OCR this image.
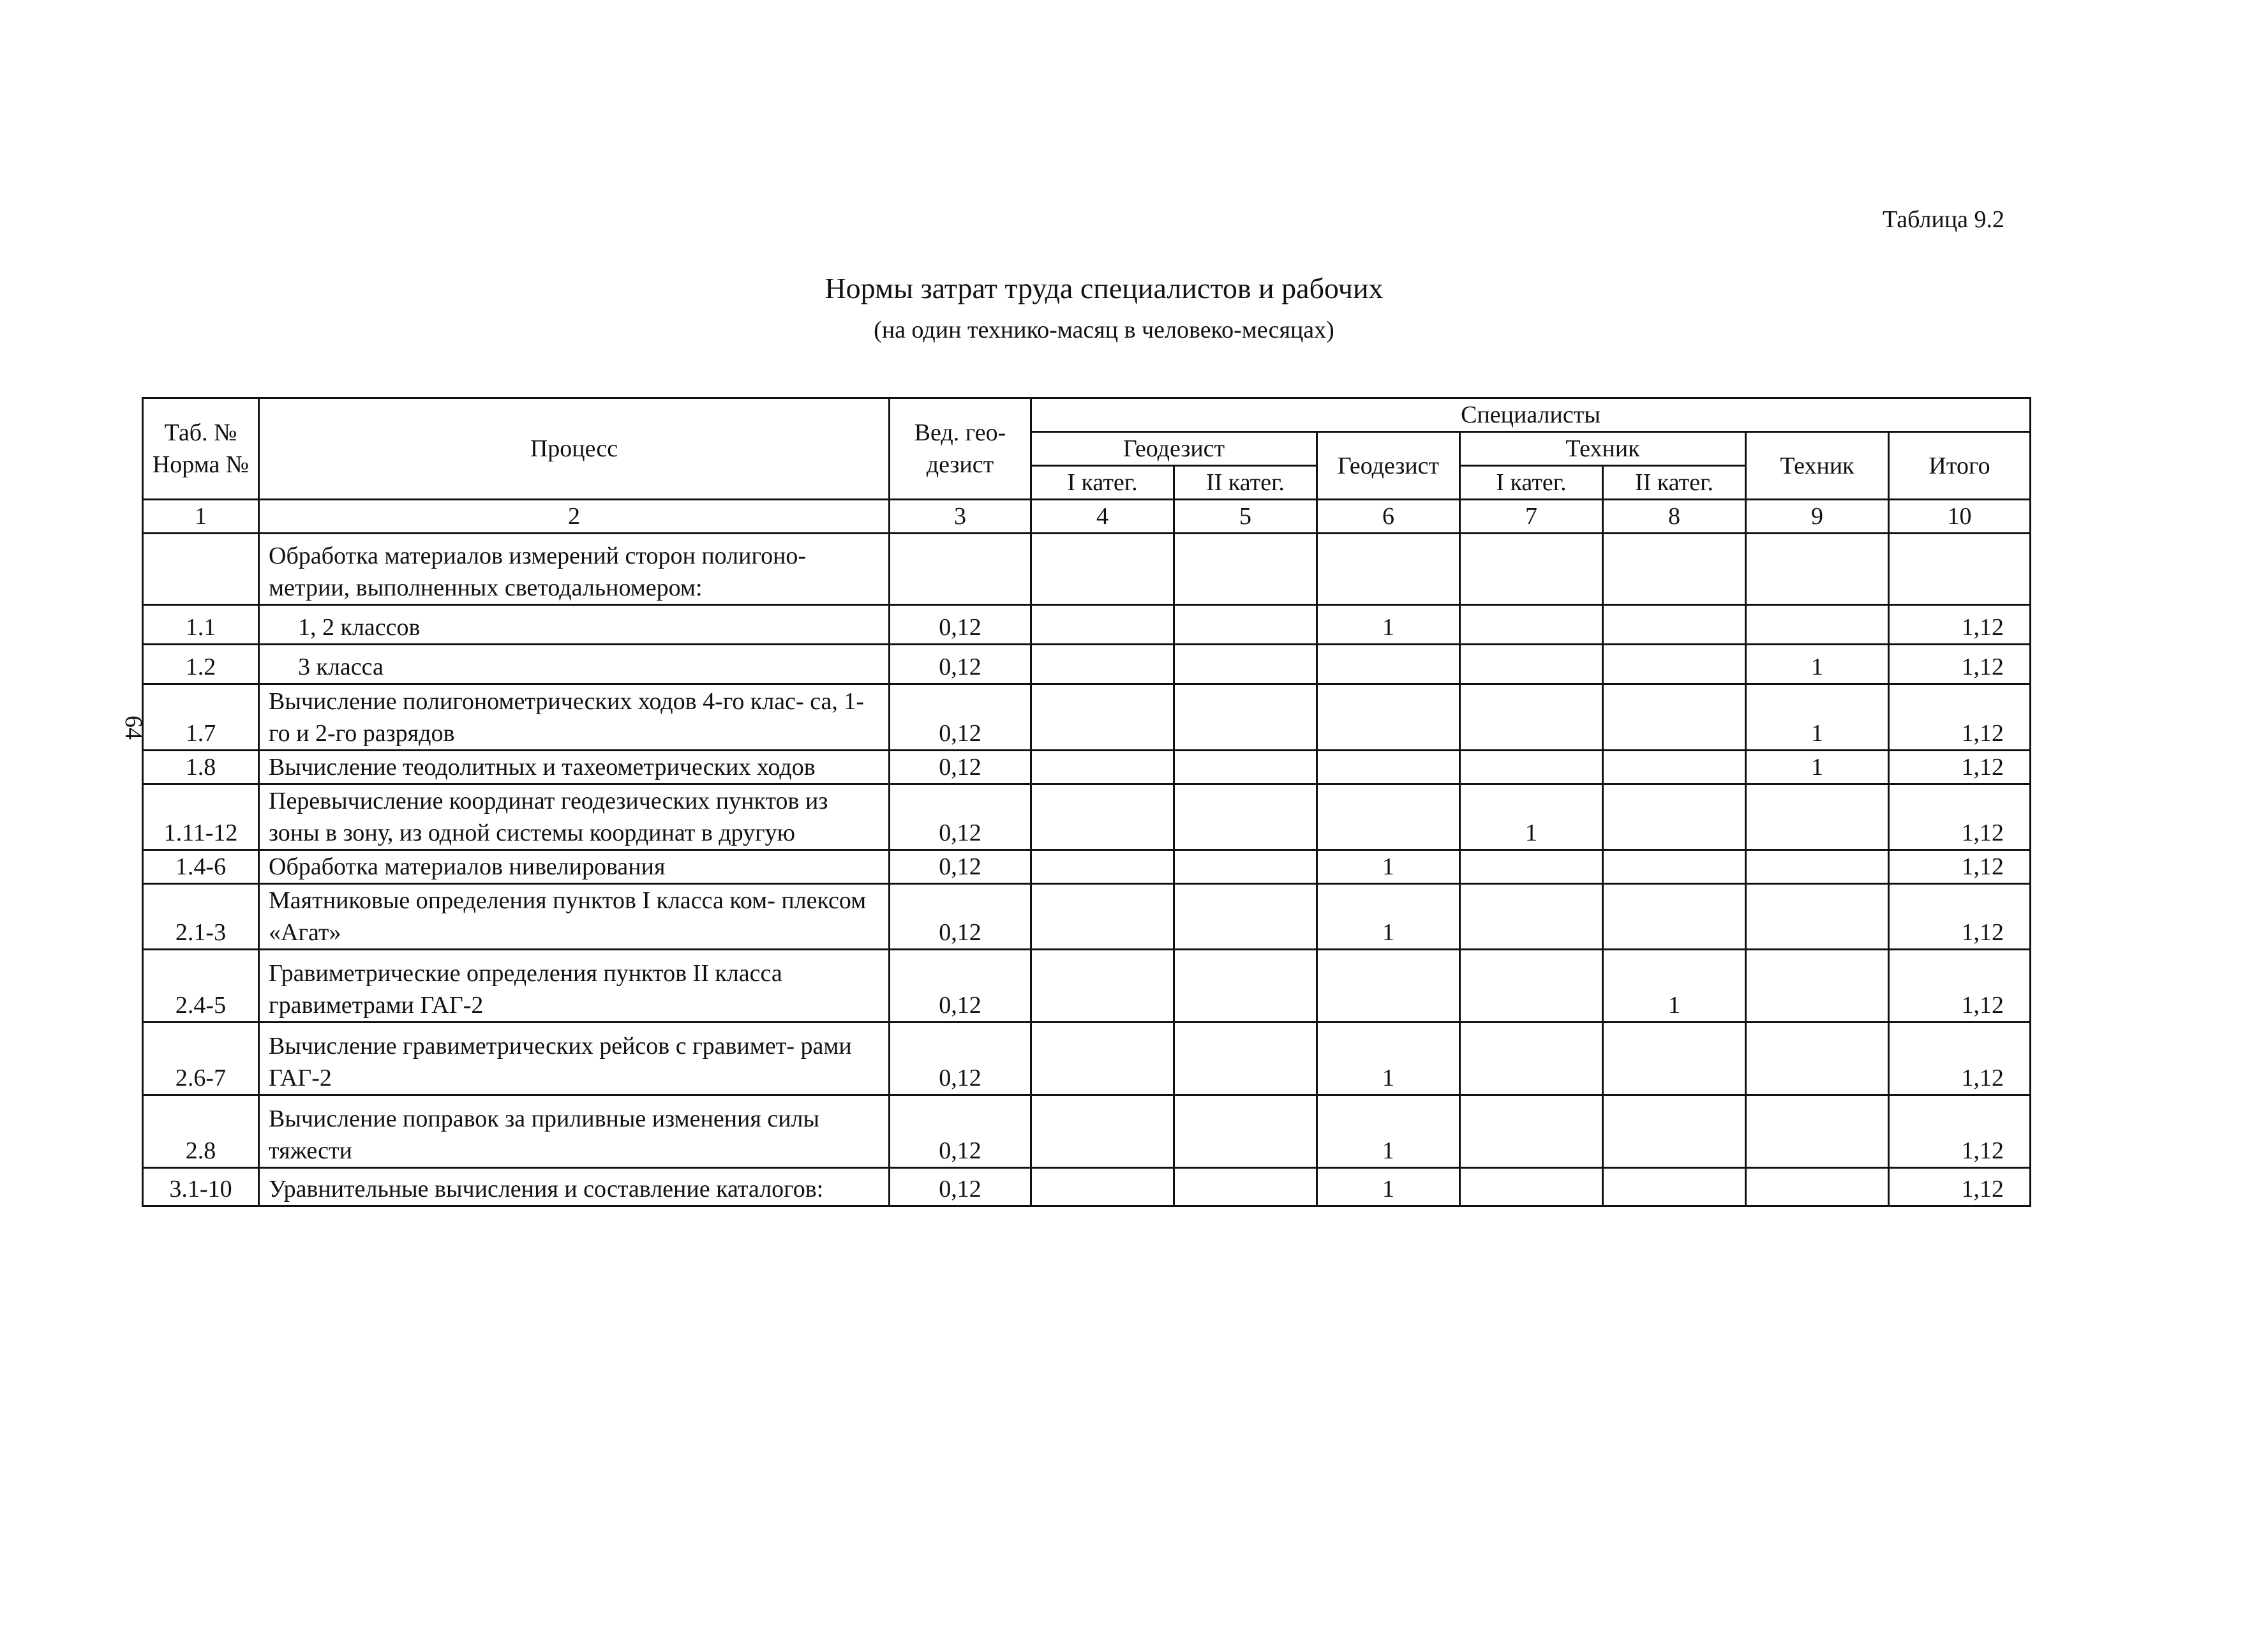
Таблица 9.2
Нормы затрат труда специалистов и рабочих
(на один технико-масяц в человеко-месяцах)
64
Таб. № Норма №	Процесс	Вед. гео- дезист	Специалисты						
			Геодезист		Геодезист	Техник		Техник	Итого
			I катег.	II катег.		I катег.	II катег.		
1	2	3	4	5	6	7	8	9	10
	Обработка материалов измерений сторон полигоно- метрии, выполненных светодальномером:								
1.1	1, 2 классов	0,12			1				1,12
1.2	3 класса	0,12						1	1,12
1.7	Вычисление полигонометрических ходов 4-го клас- са, 1-го и 2-го разрядов	0,12						1	1,12
1.8	Вычисление теодолитных и тахеометрических ходов	0,12						1	1,12
1.11-12	Перевычисление координат геодезических пунктов из зоны в зону, из одной системы координат в другую	0,12				1			1,12
1.4-6	Обработка материалов нивелирования	0,12			1				1,12
2.1-3	Маятниковые определения пунктов I класса ком- плексом «Агат»	0,12			1				1,12
2.4-5	Гравиметрические определения пунктов II класса гравиметрами ГАГ-2	0,12					1		1,12
2.6-7	Вычисление гравиметрических рейсов с гравимет- рами ГАГ-2	0,12			1				1,12
2.8	Вычисление поправок за приливные изменения силы тяжести	0,12			1				1,12
3.1-10	Уравнительные вычисления и составление каталогов:	0,12			1				1,12
